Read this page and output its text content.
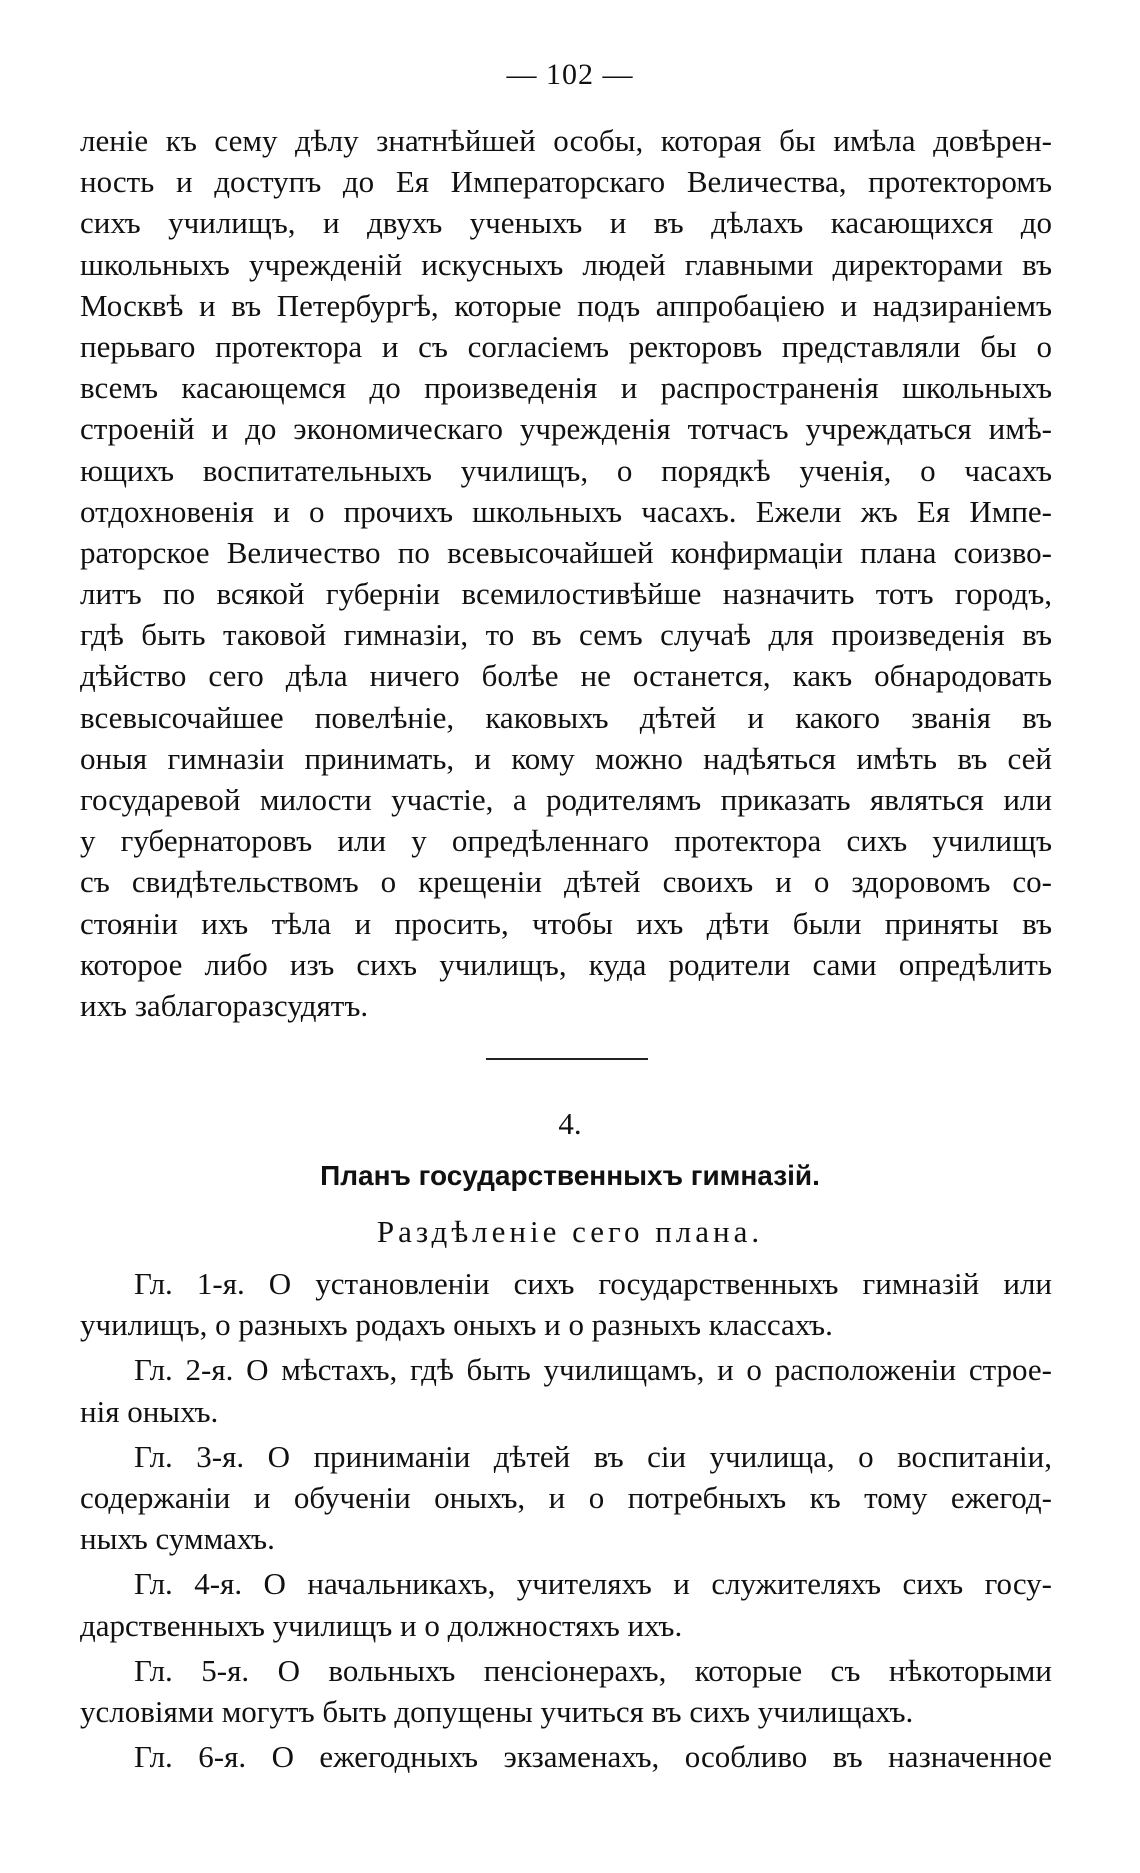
— 102 —
леніе къ сему дѣлу знатнѣйшей особы, которая бы имѣла довѣрен-
ность и доступъ до Ея Императорскаго Величества, протекторомъ
сихъ училищъ, и двухъ ученыхъ и въ дѣлахъ касающихся до
школьныхъ учрежденій искусныхъ людей главными директорами въ
Москвѣ и въ Петербургѣ, которые подъ аппробаціею и надзираніемъ
перьваго протектора и съ согласіемъ ректоровъ представляли бы о
всемъ касающемся до произведенія и распространенія школьныхъ
строеній и до экономическаго учрежденія тотчасъ учреждаться имѣ-
ющихъ воспитательныхъ училищъ, о порядкѣ ученія, о часахъ
отдохновенія и о прочихъ школьныхъ часахъ. Ежели жъ Ея Импе-
раторское Величество по всевысочайшей конфирмаціи плана соизво-
литъ по всякой губерніи всемилостивѣйше назначить тотъ городъ,
гдѣ быть таковой гимназіи, то въ семъ случаѣ для произведенія въ
дѣйство сего дѣла ничего болѣе не останется, какъ обнародовать
всевысочайшее повелѣніе, каковыхъ дѣтей и какого званія въ
оныя гимназіи принимать, и кому можно надѣяться имѣть въ сей
государевой милости участіе, а родителямъ приказать являться или
у губернаторовъ или у опредѣленнаго протектора сихъ училищъ
съ свидѣтельствомъ о крещеніи дѣтей своихъ и о здоровомъ со-
стояніи ихъ тѣла и просить, чтобы ихъ дѣти были приняты въ
которое либо изъ сихъ училищъ, куда родители сами опредѣлить
ихъ заблагоразсудятъ.
4.
Планъ государственныхъ гимназій.
Раздѣленіе сего плана.
Гл. 1-я. О установленіи сихъ государственныхъ гимназій или
училищъ, о разныхъ родахъ оныхъ и о разныхъ классахъ.
Гл. 2-я. О мѣстахъ, гдѣ быть училищамъ, и о расположеніи строе-
нія оныхъ.
Гл. 3-я. О приниманіи дѣтей въ сіи училища, о воспитаніи,
содержаніи и обученіи оныхъ, и о потребныхъ къ тому ежегод-
ныхъ суммахъ.
Гл. 4-я. О начальникахъ, учителяхъ и служителяхъ сихъ госу-
дарственныхъ училищъ и о должностяхъ ихъ.
Гл. 5-я. О вольныхъ пенсіонерахъ, которые съ нѣкоторыми
условіями могутъ быть допущены учиться въ сихъ училищахъ.
Гл. 6-я. О ежегодныхъ экзаменахъ, особливо въ назначенное
